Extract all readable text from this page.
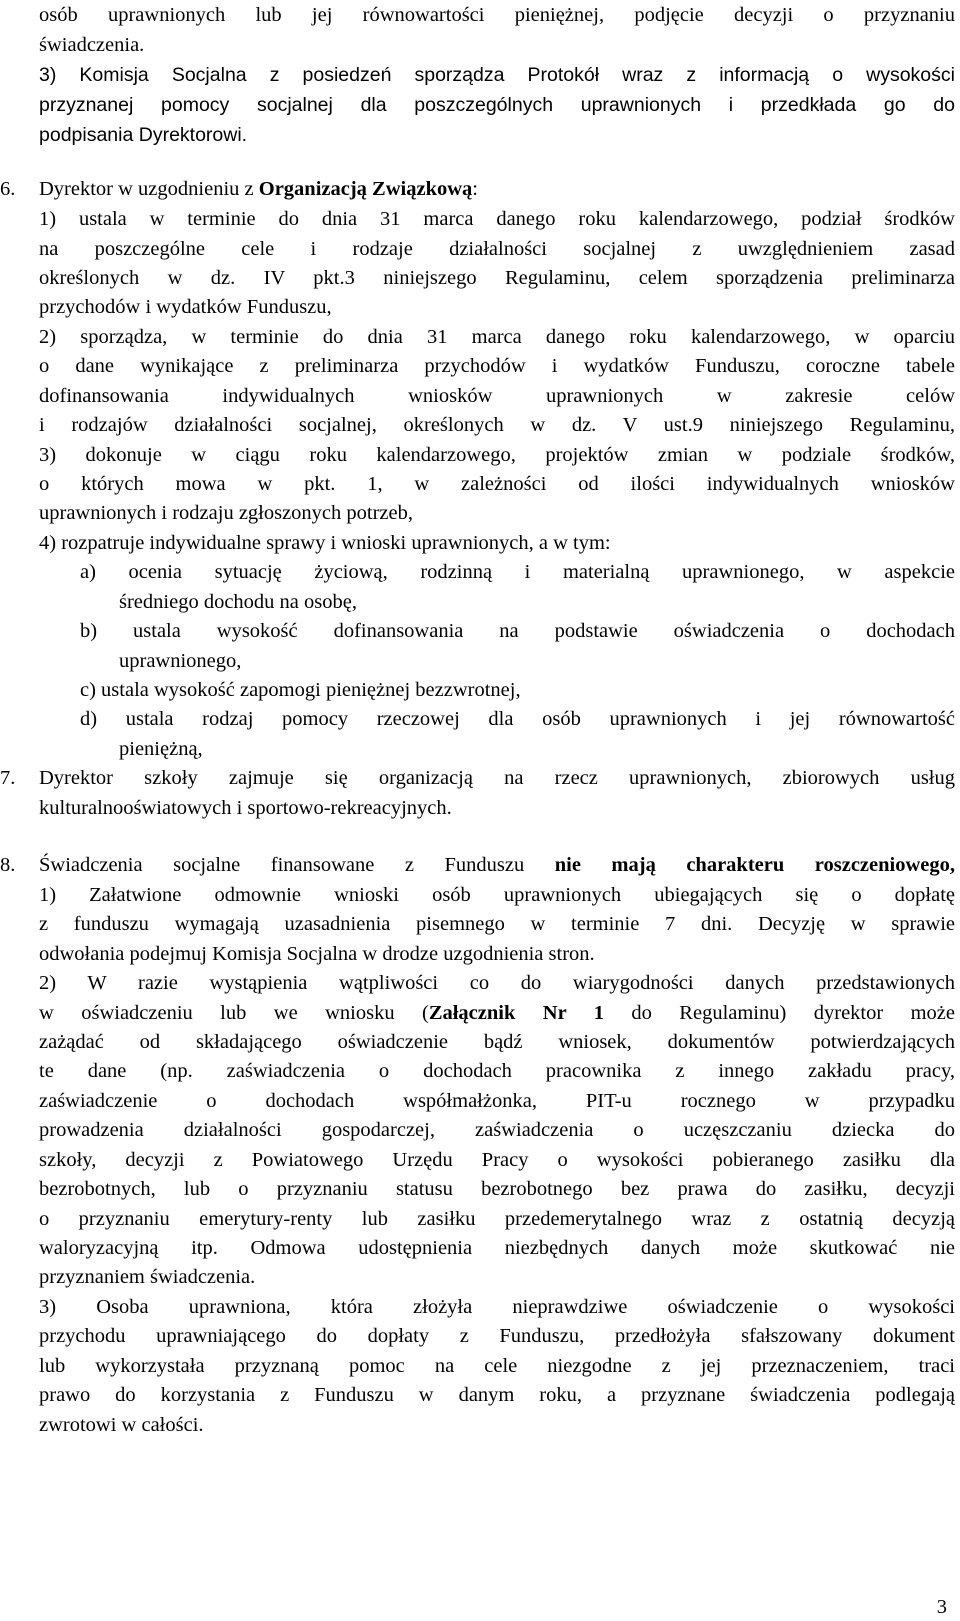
osób uprawnionych lub jej równowartości pieniężnej, podjęcie decyzji o przyznaniu
świadczenia.
3) Komisja Socjalna z posiedzeń sporządza Protokół wraz z informacją o wysokości
przyznanej pomocy socjalnej dla poszczególnych uprawnionych i przedkłada go do
podpisania Dyrektorowi.
6. Dyrektor w uzgodnieniu z Organizacją Związkową:
1) ustala w terminie do dnia 31 marca danego roku kalendarzowego, podział środków
na poszczególne cele i rodzaje działalności socjalnej z uwzględnieniem zasad
określonych w dz. IV pkt.3 niniejszego Regulaminu, celem sporządzenia preliminarza
przychodów i wydatków Funduszu,
2) sporządza, w terminie do dnia 31 marca danego roku kalendarzowego, w oparciu
o dane wynikające z preliminarza przychodów i wydatków Funduszu, coroczne tabele
dofinansowania indywidualnych wniosków uprawnionych w zakresie celów
i rodzajów działalności socjalnej, określonych w dz. V ust.9 niniejszego Regulaminu,
3) dokonuje w ciągu roku kalendarzowego, projektów zmian w podziale środków,
o których mowa w pkt. 1, w zależności od ilości indywidualnych wniosków
uprawnionych i rodzaju zgłoszonych potrzeb,
4) rozpatruje indywidualne sprawy i wnioski uprawnionych, a w tym:
a) ocenia sytuację życiową, rodzinną i materialną uprawnionego, w aspekcie
średniego dochodu na osobę,
b) ustala wysokość dofinansowania na podstawie oświadczenia o dochodach
uprawnionego,
c) ustala wysokość zapomogi pieniężnej bezzwrotnej,
d) ustala rodzaj pomocy rzeczowej dla osób uprawnionych i jej równowartość
pieniężną,
7. Dyrektor szkoły zajmuje się organizacją na rzecz uprawnionych, zbiorowych usług
kulturalnooświatowych i sportowo-rekreacyjnych.
8. Świadczenia socjalne finansowane z Funduszu nie mają charakteru roszczeniowego,
1) Załatwione odmownie wnioski osób uprawnionych ubiegających się o dopłatę
z funduszu wymagają uzasadnienia pisemnego w terminie 7 dni. Decyzję w sprawie
odwołania podejmuj Komisja Socjalna w drodze uzgodnienia stron.
2) W razie wystąpienia wątpliwości co do wiarygodności danych przedstawionych
w oświadczeniu lub we wniosku (Załącznik Nr 1 do Regulaminu) dyrektor może
zażądać od składającego oświadczenie bądź wniosek, dokumentów potwierdzających
te dane (np. zaświadczenia o dochodach pracownika z innego zakładu pracy,
zaświadczenie o dochodach współmałżonka, PIT-u rocznego w przypadku
prowadzenia działalności gospodarczej, zaświadczenia o uczęszczaniu dziecka do
szkoły, decyzji z Powiatowego Urzędu Pracy o wysokości pobieranego zasiłku dla
bezrobotnych, lub o przyznaniu statusu bezrobotnego bez prawa do zasiłku, decyzji
o przyznaniu emerytury-renty lub zasiłku przedemerytalnego wraz z ostatnią decyzją
waloryzacyjną itp. Odmowa udostępnienia niezbędnych danych może skutkować nie
przyznaniem świadczenia.
3) Osoba uprawniona, która złożyła nieprawdziwe oświadczenie o wysokości
przychodu uprawniającego do dopłaty z Funduszu, przedłożyła sfałszowany dokument
lub wykorzystała przyznaną pomoc na cele niezgodne z jej przeznaczeniem, traci
prawo do korzystania z Funduszu w danym roku, a przyznane świadczenia podlegają
zwrotowi w całości.
3
